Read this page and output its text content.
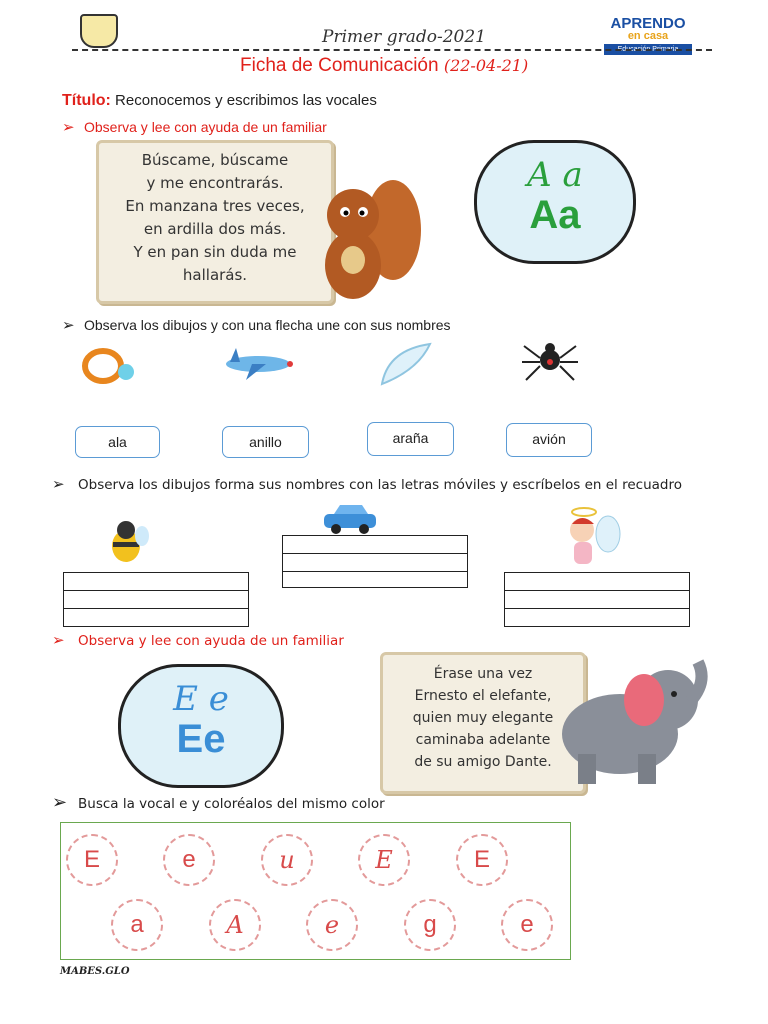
Primer grado-2021
APRENDO
en casa
Educación Primaria
Ficha de Comunicación (22-04-21)
Título: Reconocemos y escribimos las vocales
➢ Observa y lee con ayuda de un familiar
Búscame, búscame
y me encontrarás.
En manzana tres veces,
en ardilla dos más.
Y en pan sin duda me
hallarás.
A a
Aa
➢ Observa los dibujos y con una flecha une con sus nombres
ala	anillo	araña	avión
➢ Observa los dibujos forma sus nombres con las letras móviles y escríbelos en el recuadro
➢ Observa y lee con ayuda de un familiar
E e
Ee
Érase una vez
Ernesto el elefante,
quien muy elegante
caminaba adelante
de su amigo Dante.
➢ Busca la vocal e y coloréalos del mismo color
E	e	u	E	E
a	A	e	g	e
MABES.GLO
